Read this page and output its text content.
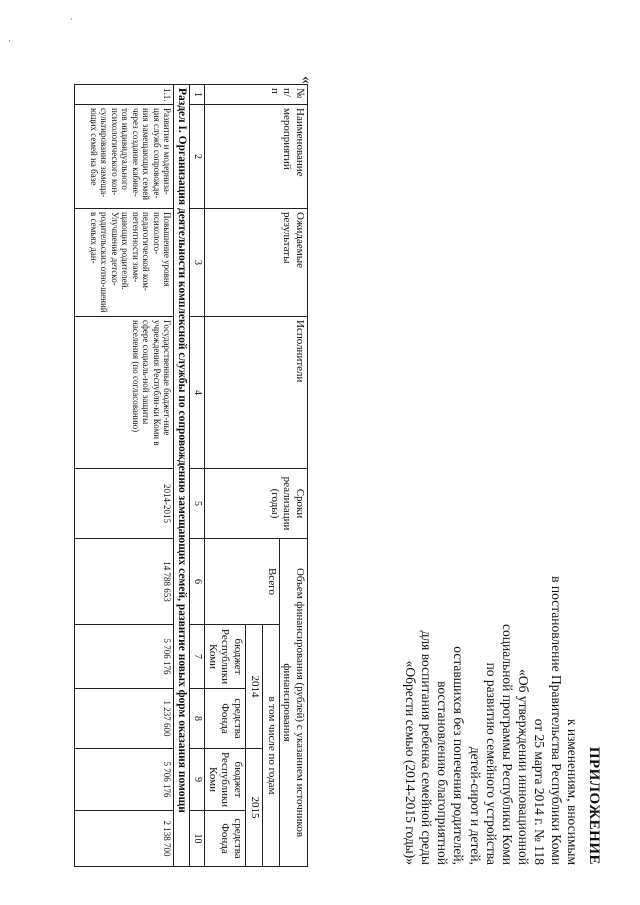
ПРИЛОЖЕНИЕ
к изменениям, вносимым
в постановление Правительства Республики Коми
от 25 марта 2014 г. № 118
«Об утверждении инновационной
социальной программы Республики Коми
по развитию семейного устройства
детей-сирот и детей,
оставшихся без попечения родителей,
восстановлению благоприятной
для воспитания ребенка семейной среды
«Обрести семью (2014-2015 годы)»
«
№ п/п	Наименование мероприятий	Ожидаемые результаты	Исполнители	Сроки реализации (годы)	Объем финансирования (рублей) с указанием источников финансирования				
					Всего	в том числе по годам			
						2014		2015	
						бюджет Республики Коми	средства Фонда	бюджет Республики Коми	средства Фонда
1	2	3	4	5	6	7	8	9	10
Раздел I. Организация деятельности комплексной службы по сопровождению замещающих семей, развитие новых форм оказания помощи									
1.1.	Развитие и модерниза-ция служб сопровожде-ния замещающих семей через создание кабине-тов индивидуального психологического кон-сультирования замеща-ющих семей на базе	Повышение уровня психолого-педагогической ком-петентности заме-щающих родителей. Улучшение детско-родительских отно-шений в семьях дан-	Государственные бюджет-ные учреждения Республи-ки Коми в сфере социаль-ной защиты населения (по согласованию)	2014-2015	14 788 653	5 706 176	1 237 600	5 706 176	2 138 700
·
·
